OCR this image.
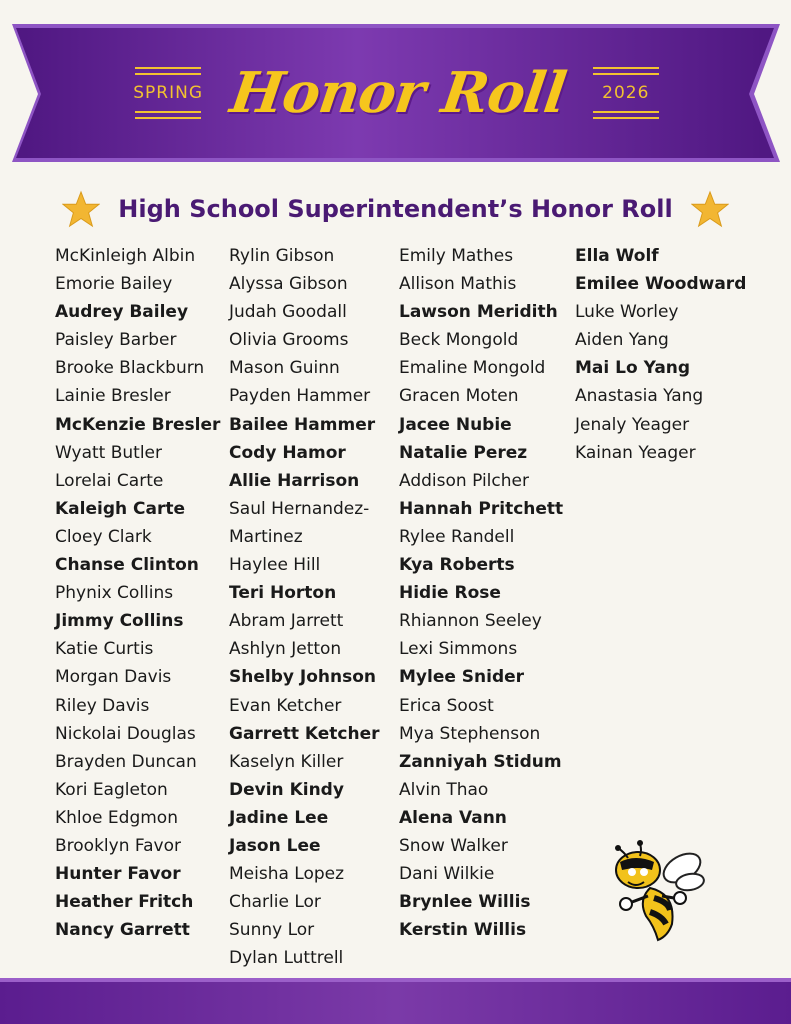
SPRING Honor Roll 2026
High School Superintendent’s Honor Roll
McKinleigh Albin
Emorie Bailey
Audrey Bailey
Paisley Barber
Brooke Blackburn
Lainie Bresler
McKenzie Bresler
Wyatt Butler
Lorelai Carte
Kaleigh Carte
Cloey Clark
Chanse Clinton
Phynix Collins
Jimmy Collins
Katie Curtis
Morgan Davis
Riley Davis
Nickolai Douglas
Brayden Duncan
Kori Eagleton
Khloe Edgmon
Brooklyn Favor
Hunter Favor
Heather Fritch
Nancy Garrett
Rylin Gibson
Alyssa Gibson
Judah Goodall
Olivia Grooms
Mason Guinn
Payden Hammer
Bailee Hammer
Cody Hamor
Allie Harrison
Saul Hernandez-
Martinez
Haylee Hill
Teri Horton
Abram Jarrett
Ashlyn Jetton
Shelby Johnson
Evan Ketcher
Garrett Ketcher
Kaselyn Killer
Devin Kindy
Jadine Lee
Jason Lee
Meisha Lopez
Charlie Lor
Sunny Lor
Dylan Luttrell
Emily Mathes
Allison Mathis
Lawson Meridith
Beck Mongold
Emaline Mongold
Gracen Moten
Jacee Nubie
Natalie Perez
Addison Pilcher
Hannah Pritchett
Rylee Randell
Kya Roberts
Hidie Rose
Rhiannon Seeley
Lexi Simmons
Mylee Snider
Erica Soost
Mya Stephenson
Zanniyah Stidum
Alvin Thao
Alena Vann
Snow Walker
Dani Wilkie
Brynlee Willis
Kerstin Willis
Ella Wolf
Emilee Woodward
Luke Worley
Aiden Yang
Mai Lo Yang
Anastasia Yang
Jenaly Yeager
Kainan Yeager
